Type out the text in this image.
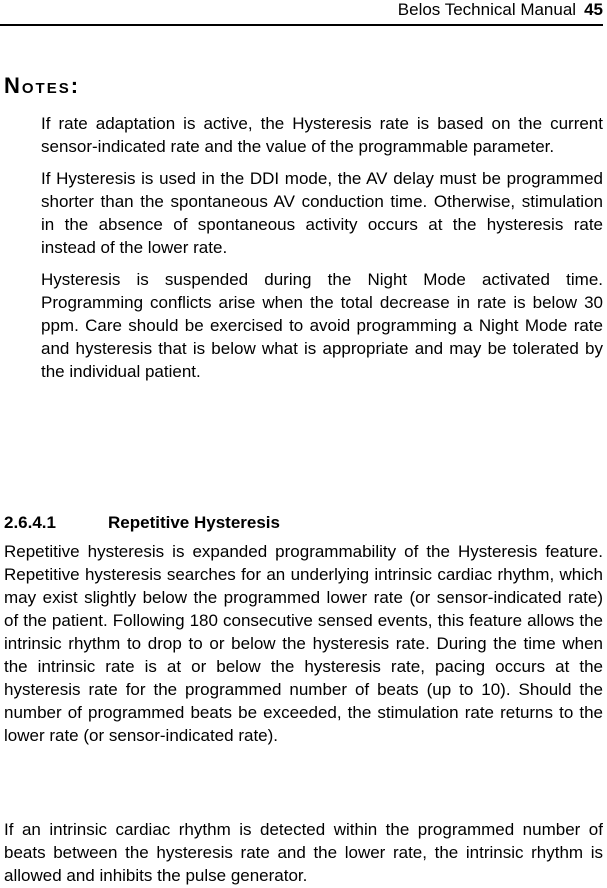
Belos Technical Manual 45
Notes:
If rate adaptation is active, the Hysteresis rate is based on the current sensor-indicated rate and the value of the programmable parameter.
If Hysteresis is used in the DDI mode, the AV delay must be programmed shorter than the spontaneous AV conduction time. Otherwise, stimulation in the absence of spontaneous activity occurs at the hysteresis rate instead of the lower rate.
Hysteresis is suspended during the Night Mode activated time. Programming conflicts arise when the total decrease in rate is below 30 ppm. Care should be exercised to avoid programming a Night Mode rate and hysteresis that is below what is appropriate and may be tolerated by the individual patient.
2.6.4.1	Repetitive Hysteresis

Repetitive hysteresis is expanded programmability of the Hysteresis feature. Repetitive hysteresis searches for an underlying intrinsic cardiac rhythm, which may exist slightly below the programmed lower rate (or sensor-indicated rate) of the patient. Following 180 consecutive sensed events, this feature allows the intrinsic rhythm to drop to or below the hysteresis rate. During the time when the intrinsic rate is at or below the hysteresis rate, pacing occurs at the hysteresis rate for the programmed number of beats (up to 10). Should the number of programmed beats be exceeded, the stimulation rate returns to the lower rate (or sensor-indicated rate).

If an intrinsic cardiac rhythm is detected within the programmed number of beats between the hysteresis rate and the lower rate, the intrinsic rhythm is allowed and inhibits the pulse generator.
